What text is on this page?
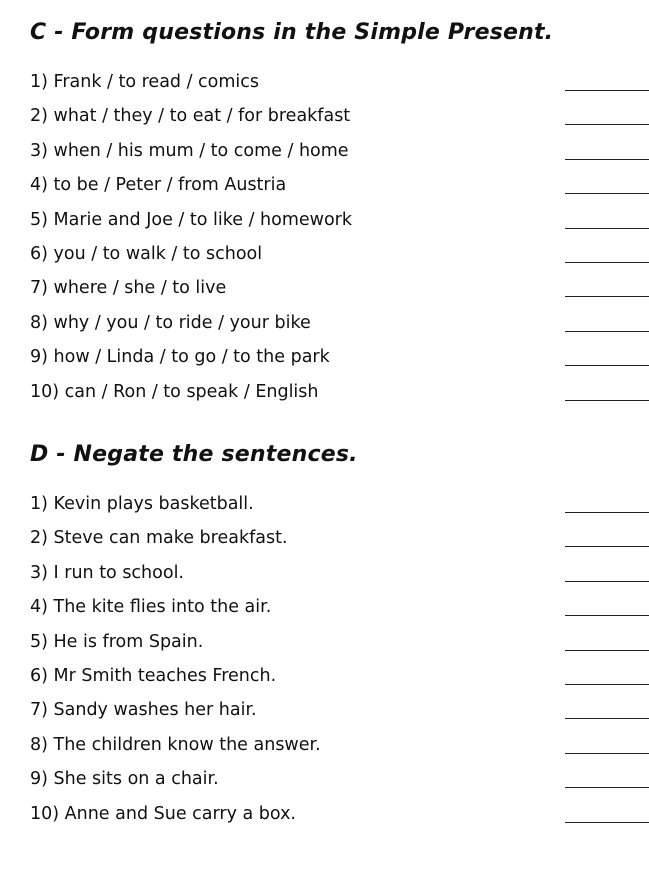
C - Form questions in the Simple Present.
1) Frank / to read / comics
2) what / they / to eat / for breakfast
3) when / his mum / to come / home
4) to be / Peter / from Austria
5) Marie and Joe / to like / homework
6) you / to walk / to school
7) where / she / to live
8) why / you / to ride / your bike
9) how / Linda / to go / to the park
10) can / Ron / to speak / English
D - Negate the sentences.
1) Kevin plays basketball.
2) Steve can make breakfast.
3) I run to school.
4) The kite flies into the air.
5) He is from Spain.
6) Mr Smith teaches French.
7) Sandy washes her hair.
8) The children know the answer.
9) She sits on a chair.
10) Anne and Sue carry a box.
